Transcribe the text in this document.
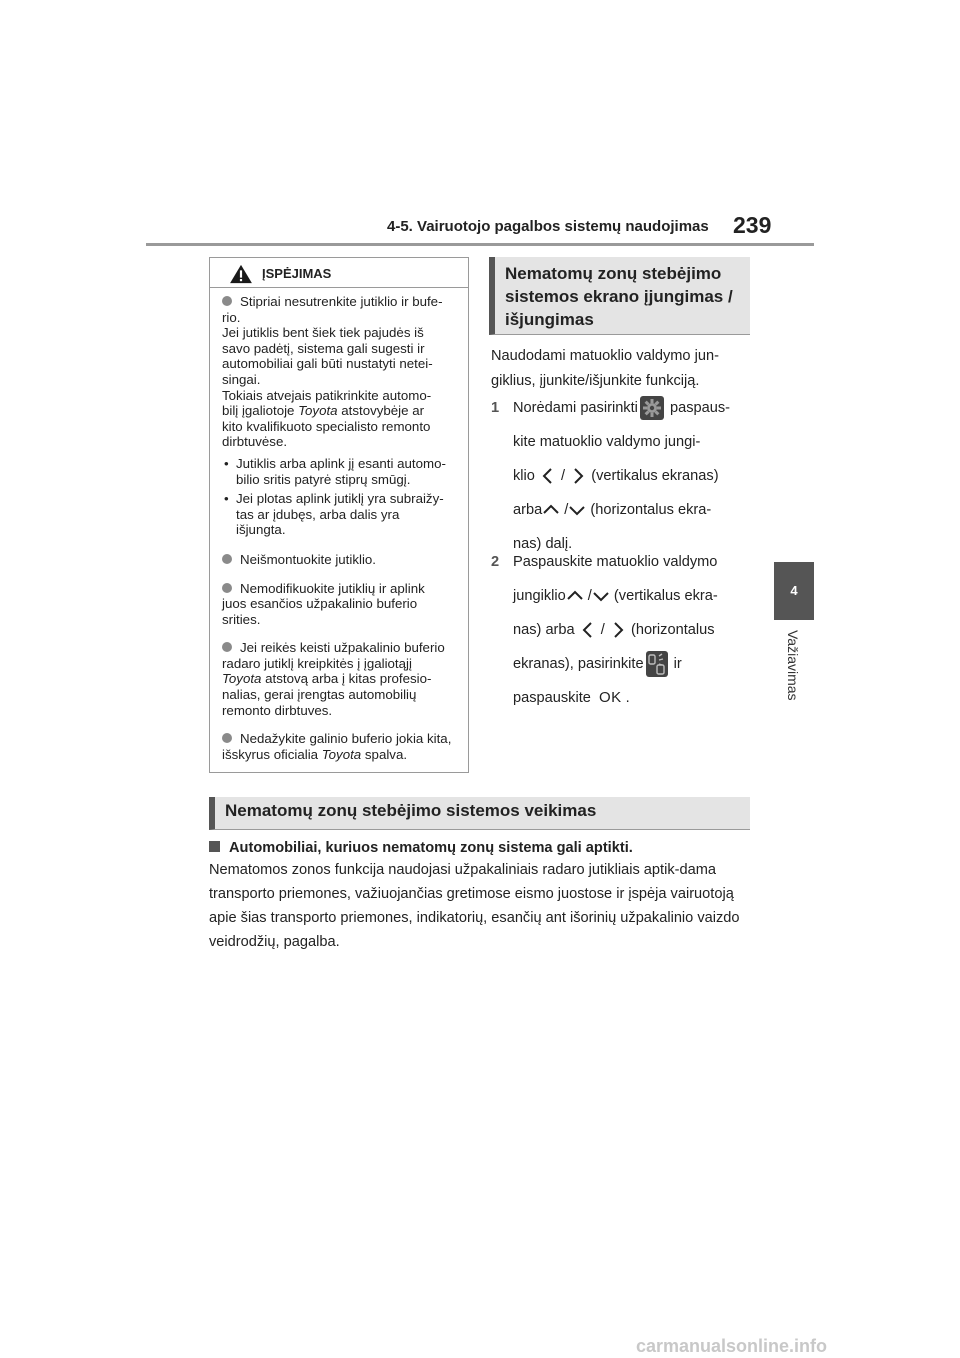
4-5. Vairuotojo pagalbos sistemų naudojimas 239
4
Važiavimas
ĮSPĖJIMAS
Stipriai nesutrenkite jutiklio ir bufe-
rio.
Jei jutiklis bent šiek tiek pajudės iš
savo padėtį, sistema gali sugesti ir
automobiliai gali būti nustatyti netei-
singai.
Tokiais atvejais patikrinkite automo-
bilį įgaliotoje Toyota atstovybėje ar
kito kvalifikuoto specialisto remonto
dirbtuvėse.
• Jutiklis arba aplink jį esanti automo-
bilio sritis patyrė stiprų smūgį.
• Jei plotas aplink jutiklį yra subraižy-
tas ar įdubęs, arba dalis yra
išjungta.
Neišmontuokite jutiklio.
Nemodifikuokite jutiklių ir aplink
juos esančios užpakalinio buferio
srities.
Jei reikės keisti užpakalinio buferio
radaro jutiklį kreipkitės į įgaliotąjį
Toyota atstovą arba į kitas profesio-
nalias, gerai įrengtas automobilių
remonto dirbtuves.
Nedažykite galinio buferio jokia kita,
išskyrus oficialia Toyota spalva.
Nematomų zonų stebėjimo sistemos ekrano įjungimas / išjungimas
Naudodami matuoklio valdymo jun-giklius, įjunkite/išjunkite funkciją.
1 Norėdami pasirinkti paspaus-
kite matuoklio valdymo jungi-
klio / (vertikalus ekranas)
arba / (horizontalus ekra-
nas) dalį.
2 Paspauskite matuoklio valdymo
jungiklio / (vertikalus ekra-
nas) arba / (horizontalus
ekranas), pasirinkite ir
paspauskite OK .
Nematomų zonų stebėjimo sistemos veikimas
Automobiliai, kuriuos nematomų zonų sistema gali aptikti.
Nematomos zonos funkcija naudojasi užpakaliniais radaro jutikliais aptik-dama transporto priemones, važiuojančias gretimose eismo juostose ir įspėja vairuotoją apie šias transporto priemones, indikatorių, esančių ant išorinių užpakalinio vaizdo veidrodžių, pagalba.
carmanualsonline.info
